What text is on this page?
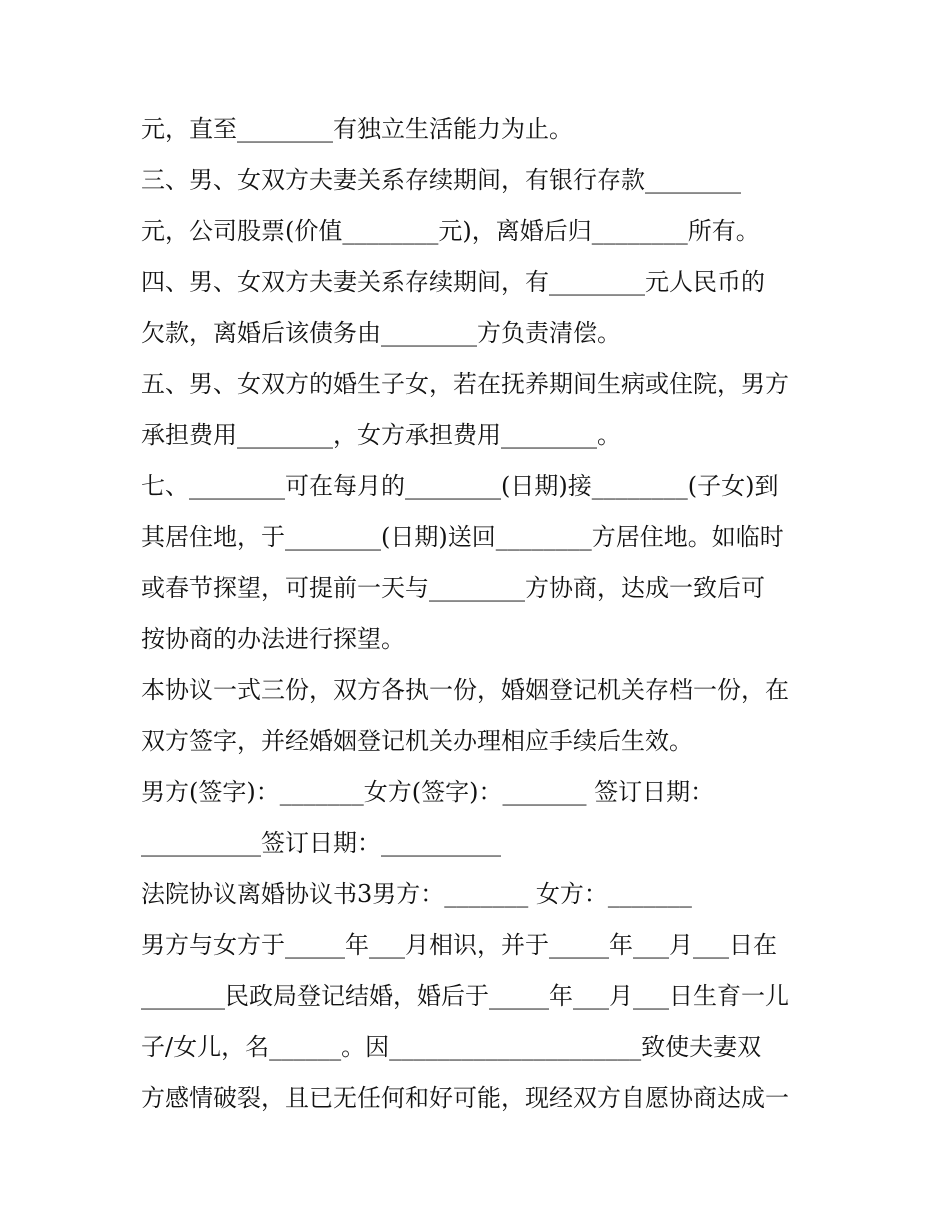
元，直至________有独立生活能力为止。
三、男、女双方夫妻关系存续期间，有银行存款________
元，公司股票(价值________元)，离婚后归________所有。
四、男、女双方夫妻关系存续期间，有________元人民币的
欠款，离婚后该债务由________方负责清偿。
五、男、女双方的婚生子女，若在抚养期间生病或住院，男方
承担费用________，女方承担费用________。
七、________可在每月的________(日期)接________(子女)到
其居住地，于________(日期)送回________方居住地。如临时
或春节探望，可提前一天与________方协商，达成一致后可
按协商的办法进行探望。
本协议一式三份，双方各执一份，婚姻登记机关存档一份，在
双方签字，并经婚姻登记机关办理相应手续后生效。
男方(签字)：_______女方(签字)：_______ 签订日期：
__________签订日期：__________
法院协议离婚协议书3男方：_______ 女方：_______
男方与女方于_____年___月相识，并于_____年___月___日在
_______民政局登记结婚，婚后于_____年___月___日生育一儿
子/女儿，名______。因_____________________致使夫妻双
方感情破裂，且已无任何和好可能，现经双方自愿协商达成一
